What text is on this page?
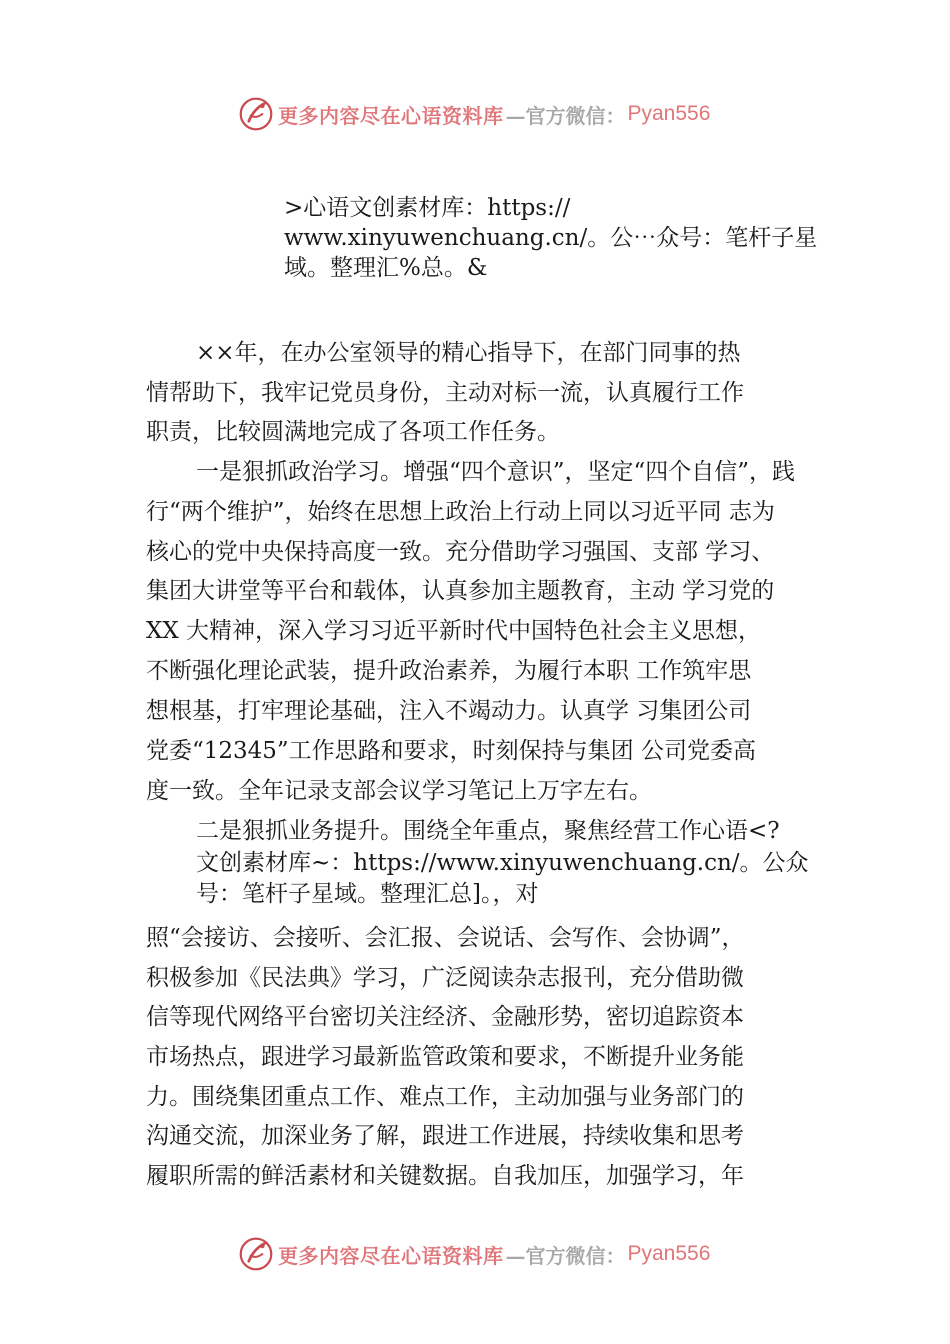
更多内容尽在心语资料库 —官方微信： Pyan556
>心语文创素材库：https://
www.xinyuwenchuang.cn/。公⋯众号：笔杆子星
域。整理汇%总。&
××年，在办公室领导的精心指导下，在部门同事的热
情帮助下，我牢记党员身份，主动对标一流，认真履行工作
职责，比较圆满地完成了各项工作任务。
一是狠抓政治学习。增强“四个意识”，坚定“四个自信”，践
行“两个维护”，始终在思想上政治上行动上同以习近平同 志为
核心的党中央保持高度一致。充分借助学习强国、支部 学习、
集团大讲堂等平台和载体，认真参加主题教育，主动 学习党的
XX 大精神，深入学习习近平新时代中国特色社会主义思想，
不断强化理论武装，提升政治素养，为履行本职 工作筑牢思
想根基，打牢理论基础，注入不竭动力。认真学 习集团公司
党委“12345”工作思路和要求，时刻保持与集团 公司党委高
度一致。全年记录支部会议学习笔记上万字左右。
二是狠抓业务提升。围绕全年重点，聚焦经营工作心语<?
文创素材库~：https://www.xinyuwenchuang.cn/。公众
号：笔杆子星域。整理汇总]。，对
照“会接访、会接听、会汇报、会说话、会写作、会协调”，
积极参加《民法典》学习，广泛阅读杂志报刊，充分借助微
信等现代网络平台密切关注经济、金融形势，密切追踪资本
市场热点，跟进学习最新监管政策和要求，不断提升业务能
力。围绕集团重点工作、难点工作，主动加强与业务部门的
沟通交流，加深业务了解，跟进工作进展，持续收集和思考
履职所需的鲜活素材和关键数据。自我加压，加强学习，年
更多内容尽在心语资料库 —官方微信： Pyan556
